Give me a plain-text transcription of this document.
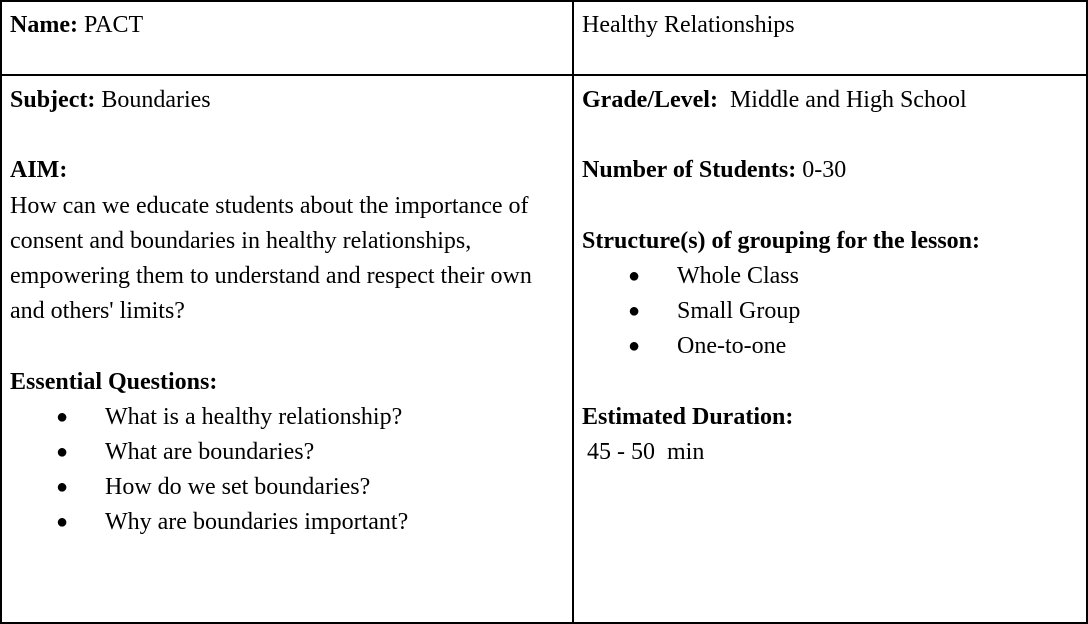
Name: PACT	Healthy Relationships

Subject: Boundaries

AIM:

How can we educate students about the importance of consent and boundaries in healthy relationships, empowering them to understand and respect their own and others' limits?

Essential Questions:

● What is a healthy relationship?
● What are boundaries?
● How do we set boundaries?
● Why are boundaries important?

Grade/Level: Middle and High School

Number of Students: 0-30

Structure(s) of grouping for the lesson:

● Whole Class
● Small Group
● One-to-one

Estimated Duration:

45 - 50  min
